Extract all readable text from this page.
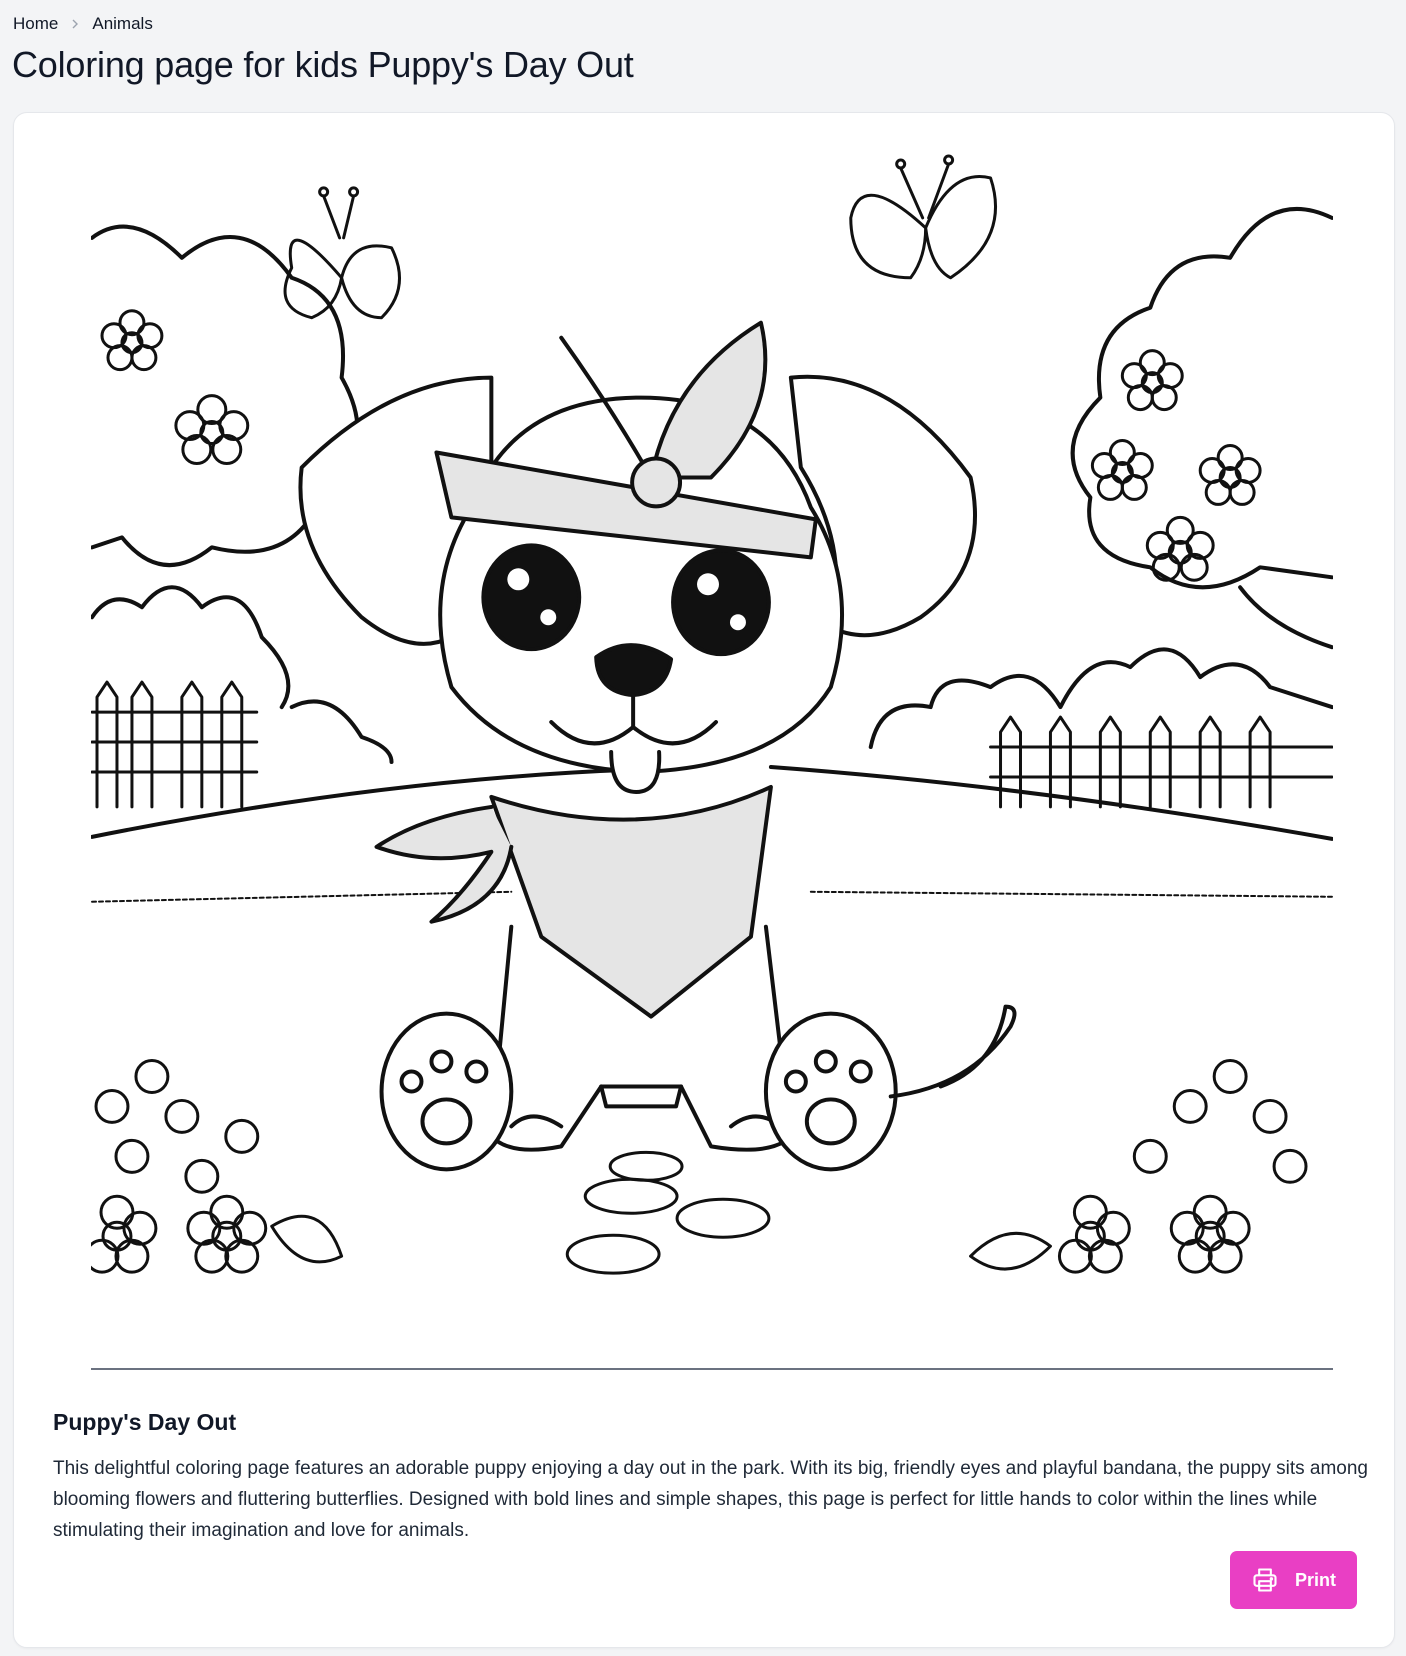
Home Animals
Coloring page for kids Puppy's Day Out
Puppy's Day Out

This delightful coloring page features an adorable puppy enjoying a day out in the park. With its big, friendly eyes and playful bandana, the puppy sits among blooming flowers and fluttering butterflies. Designed with bold lines and simple shapes, this page is perfect for little hands to color within the lines while stimulating their imagination and love for animals.

Print
